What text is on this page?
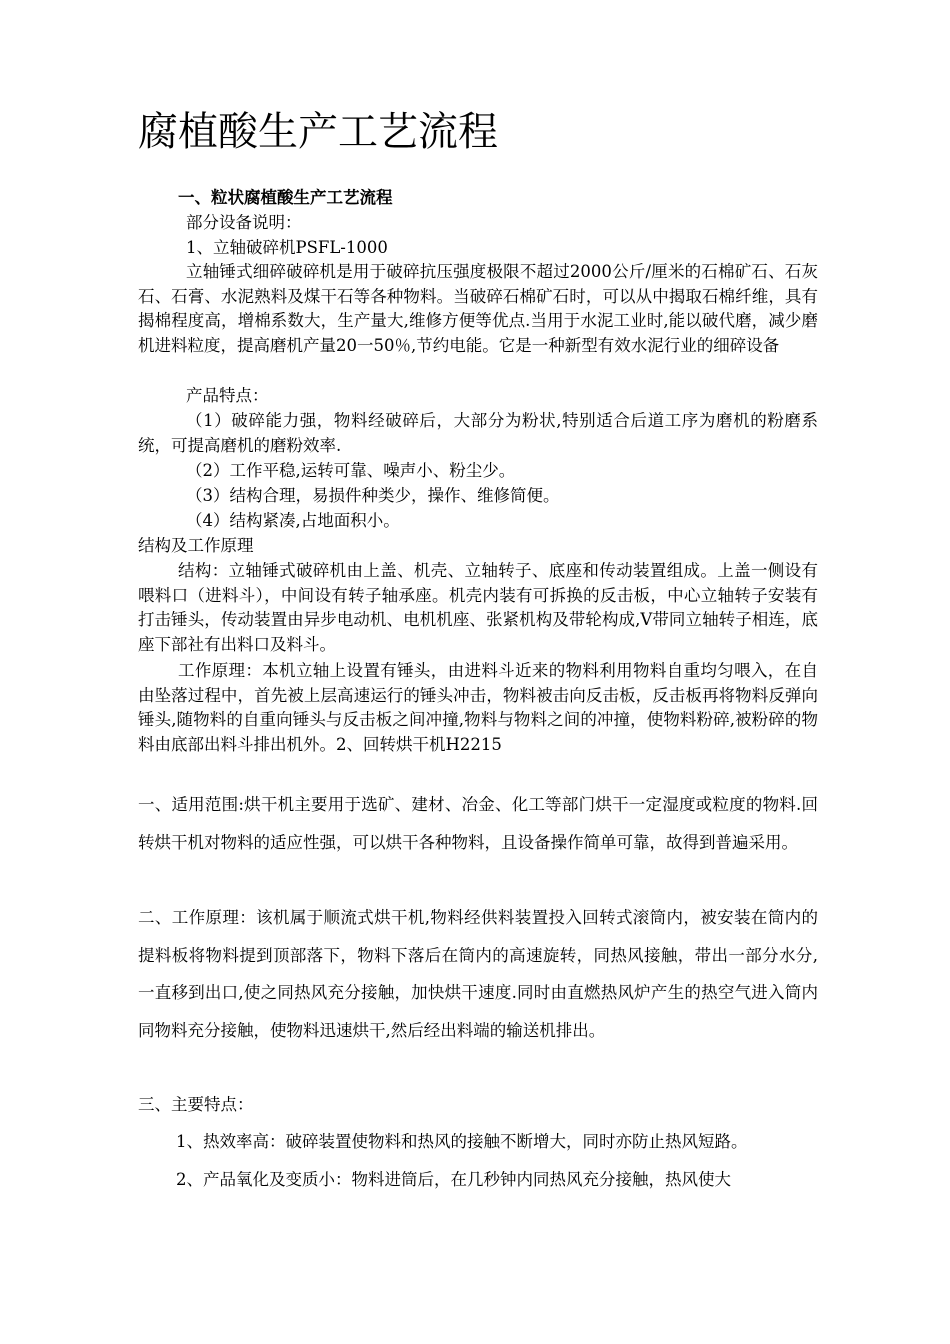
腐植酸生产工艺流程
一、粒状腐植酸生产工艺流程
部分设备说明：
1、立轴破碎机PSFL-1000

立轴锤式细碎破碎机是用于破碎抗压强度极限不超过2000公斤/厘米的石棉矿石、石灰石、石膏、水泥熟料及煤干石等各种物料。当破碎石棉矿石时，可以从中揭取石棉纤维，具有揭棉程度高，增棉系数大，生产量大,维修方便等优点.当用于水泥工业时,能以破代磨，减少磨机进料粒度，提高磨机产量20一50％,节约电能。它是一种新型有效水泥行业的细碎设备

产品特点：

（1）破碎能力强，物料经破碎后，大部分为粉状,特别适合后道工序为磨机的粉磨系统，可提高磨机的磨粉效率.

（2）工作平稳,运转可靠、噪声小、粉尘少。
（3）结构合理，易损件种类少，操作、维修简便。
（4）结构紧凑,占地面积小。
结构及工作原理

结构：立轴锤式破碎机由上盖、机壳、立轴转子、底座和传动装置组成。上盖一侧设有喂料口（进料斗），中间设有转子轴承座。机壳内装有可拆换的反击板，中心立轴转子安装有打击锤头，传动装置由异步电动机、电机机座、张紧机构及带轮构成,V带同立轴转子相连，底座下部社有出料口及料斗。

工作原理：本机立轴上设置有锤头，由进料斗近来的物料利用物料自重均匀喂入，在自由坠落过程中，首先被上层高速运行的锤头冲击，物料被击向反击板，反击板再将物料反弹向锤头,随物料的自重向锤头与反击板之间冲撞,物料与物料之间的冲撞，使物料粉碎,被粉碎的物料由底部出料斗排出机外。2、回转烘干机H2215

一、适用范围:烘干机主要用于选矿、建材、冶金、化工等部门烘干一定湿度或粒度的物料.回转烘干机对物料的适应性强，可以烘干各种物料，且设备操作简单可靠，故得到普遍采用。

二、工作原理：该机属于顺流式烘干机,物料经供料装置投入回转式滚筒内，被安装在筒内的提料板将物料提到顶部落下，物料下落后在筒内的高速旋转，同热风接触，带出一部分水分,一直移到出口,使之同热风充分接触，加快烘干速度.同时由直燃热风炉产生的热空气进入筒内同物料充分接触，使物料迅速烘干,然后经出料端的输送机排出。

三、主要特点：
1、热效率高：破碎装置使物料和热风的接触不断增大，同时亦防止热风短路。
2、产品氧化及变质小：物料进筒后，在几秒钟内同热风充分接触，热风使大
